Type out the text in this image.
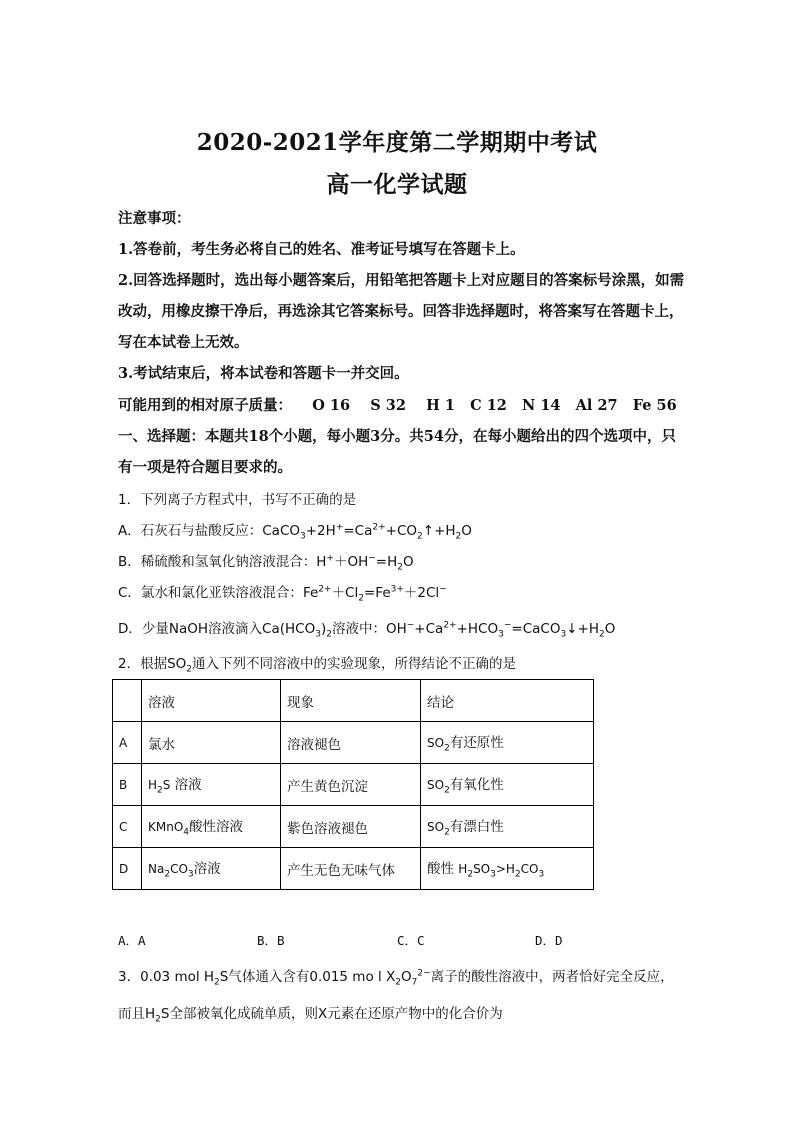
2020-2021学年度第二学期期中考试
高一化学试题
注意事项：
1.答卷前，考生务必将自己的姓名、准考证号填写在答题卡上。
2.回答选择题时，选出每小题答案后，用铅笔把答题卡上对应题目的答案标号涂黑，如需
改动，用橡皮擦干净后，再选涂其它答案标号。回答非选择题时，将答案写在答题卡上，
写在本试卷上无效。
3.考试结束后，将本试卷和答题卡一并交回。
可能用到的相对原子质量：    O 16    S 32    H 1   C 12   N 14   Al 27   Fe 56
一、选择题：本题共18个小题，每小题3分。共54分，在每小题给出的四个选项中，只
有一项是符合题目要求的。
1．下列离子方程式中，书写不正确的是
A．石灰石与盐酸反应：$CaCO_3+2H^+=Ca^{2+}+CO_2↑+H_2O$
B．稀硫酸和氢氧化钠溶液混合：$H^++OH^-=H_2O$
C．氯水和氯化亚铁溶液混合：$Fe^{2+}+Cl_2=Fe^{3+}+2Cl^-$
D．少量NaOH溶液滴入$Ca(HCO_3)_2$溶液中：$OH^-+Ca^{2+}+HCO_3^-=CaCO_3↓+H_2O$
2．根据$SO_2$通入下列不同溶液中的实验现象，所得结论不正确的是
	溶液	现象	结论
A	氯水	溶液褪色	$SO_2$有还原性
B	$H_2S$ 溶液	产生黄色沉淀	$SO_2$有氧化性
C	KMnO$_4$酸性溶液	紫色溶液褪色	$SO_2$有漂白性
D	$Na_2CO_3$溶液	产生无色无味气体	酸性 $H_2SO_3>H_2CO_3$
A．A	B．B	C．C	D．D
3．0.03 mol $H_2S$气体通入含有0.015 mo l $X_2O_7^{2-}$离子的酸性溶液中，两者恰好完全反应，
而且$H_2S$全部被氧化成硫单质，则X元素在还原产物中的化合价为
